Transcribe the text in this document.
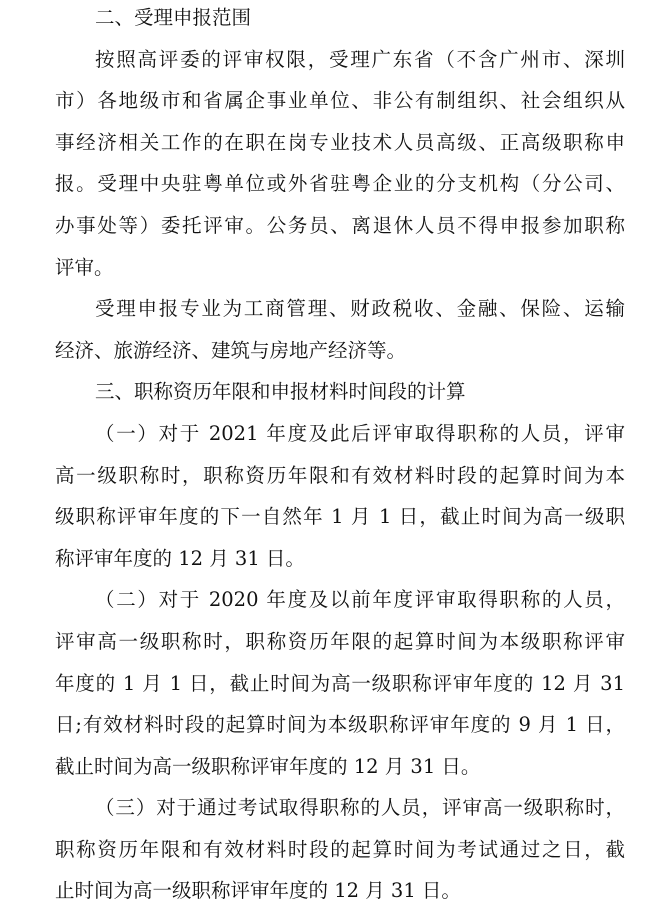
二、受理申报范围
按照高评委的评审权限，受理广东省（不含广州市、深圳
市）各地级市和省属企事业单位、非公有制组织、社会组织从
事经济相关工作的在职在岗专业技术人员高级、正高级职称申
报。受理中央驻粤单位或外省驻粤企业的分支机构（分公司、
办事处等）委托评审。公务员、离退休人员不得申报参加职称
评审。
受理申报专业为工商管理、财政税收、金融、保险、运输
经济、旅游经济、建筑与房地产经济等。
三、职称资历年限和申报材料时间段的计算
（一）对于 2021 年度及此后评审取得职称的人员，评审
高一级职称时，职称资历年限和有效材料时段的起算时间为本
级职称评审年度的下一自然年 1 月 1 日，截止时间为高一级职
称评审年度的 12 月 31 日。
（二）对于 2020 年度及以前年度评审取得职称的人员，
评审高一级职称时，职称资历年限的起算时间为本级职称评审
年度的 1 月 1 日，截止时间为高一级职称评审年度的 12 月 31
日;有效材料时段的起算时间为本级职称评审年度的 9 月 1 日，
截止时间为高一级职称评审年度的 12 月 31 日。
（三）对于通过考试取得职称的人员，评审高一级职称时，
职称资历年限和有效材料时段的起算时间为考试通过之日，截
止时间为高一级职称评审年度的 12 月 31 日。
